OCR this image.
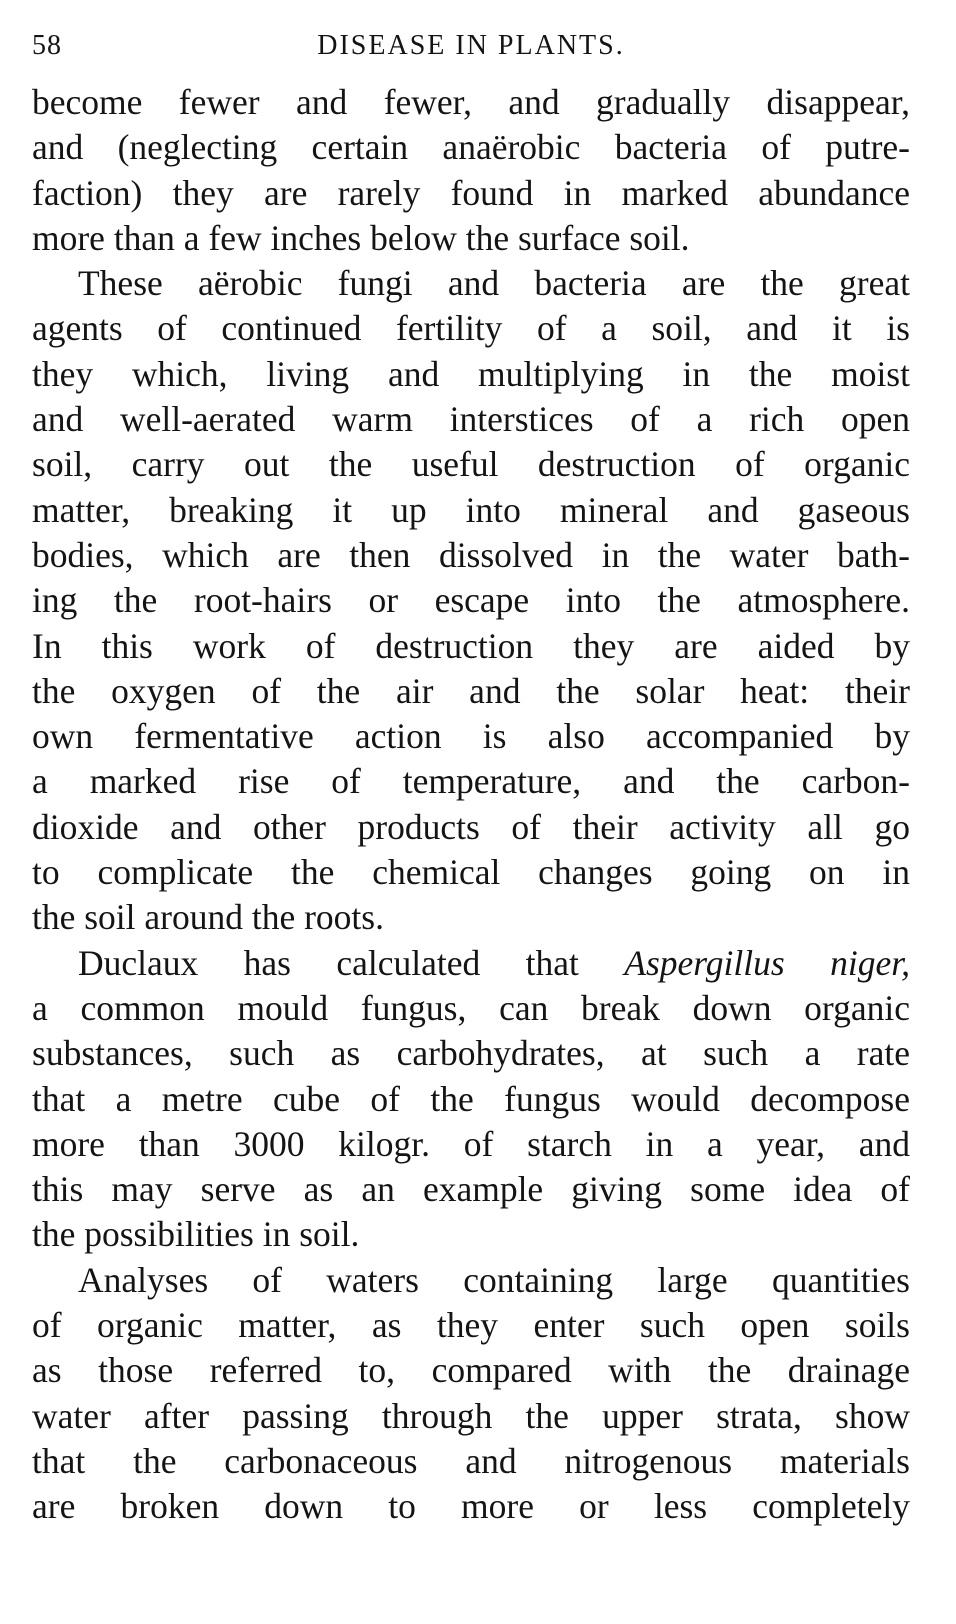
58	DISEASE IN PLANTS.

become fewer and fewer, and gradually disappear,
and (neglecting certain anaërobic bacteria of putre-
faction) they are rarely found in marked abundance
more than a few inches below the surface soil.

These aërobic fungi and bacteria are the great
agents of continued fertility of a soil, and it is
they which, living and multiplying in the moist
and well-aerated warm interstices of a rich open
soil, carry out the useful destruction of organic
matter, breaking it up into mineral and gaseous
bodies, which are then dissolved in the water bath-
ing the root-hairs or escape into the atmosphere.
In this work of destruction they are aided by
the oxygen of the air and the solar heat: their
own fermentative action is also accompanied by
a marked rise of temperature, and the carbon-
dioxide and other products of their activity all go
to complicate the chemical changes going on in
the soil around the roots.

Duclaux has calculated that Aspergillus niger,
a common mould fungus, can break down organic
substances, such as carbohydrates, at such a rate
that a metre cube of the fungus would decompose
more than 3000 kilogr. of starch in a year, and
this may serve as an example giving some idea of
the possibilities in soil.

Analyses of waters containing large quantities
of organic matter, as they enter such open soils
as those referred to, compared with the drainage
water after passing through the upper strata, show
that the carbonaceous and nitrogenous materials
are broken down to more or less completely
